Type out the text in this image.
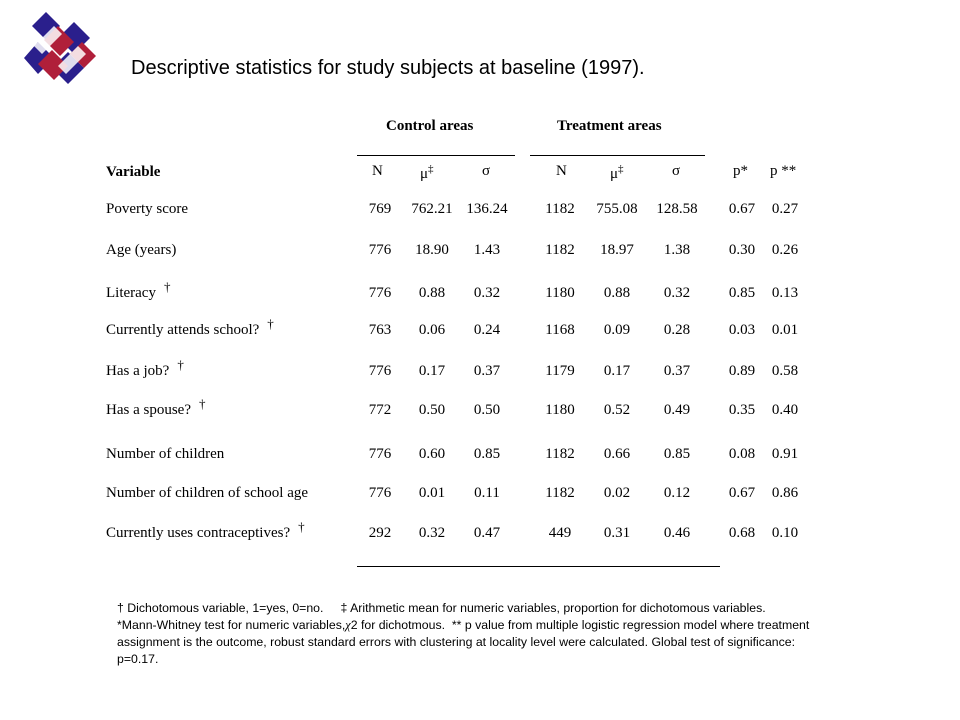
Descriptive statistics for study subjects at baseline (1997).
Control areas	Treatment areas
Variable	N μ‡	σ	N	μ‡	σ	p* p **
Poverty score	769	762.21 136.24	1182	755.08	128.58	0.67	0.27
Age (years)	776	18.90	1.43	1182	18.97	1.38	0.30	0.26
Literacy †	776	0.88	0.32	1180	0.88	0.32	0.85	0.13
Currently attends school? †	763	0.06	0.24	1168	0.09	0.28	0.03	0.01
Has a job? †	776	0.17	0.37	1179	0.17	0.37	0.89	0.58
Has a spouse? †	772	0.50	0.50	1180	0.52	0.49	0.35	0.40
Number of children	776	0.60	0.85	1182	0.66	0.85	0.08	0.91
Number of children of school age	776	0.01	0.11	1182	0.02	0.12	0.67	0.86
Currently uses contraceptives? †	292	0.32	0.47	449	0.31	0.46	0.68	0.10
† Dichotomous variable, 1=yes, 0=no. ‡ Arithmetic mean for numeric variables, proportion for dichotomous variables.       *Mann-Whitney test for numeric variables,χ2 for dichotmous. ** p value from multiple logistic regression model where treatment assignment is the outcome, robust standard errors with clustering at locality level were calculated. Global test of significance: p=0.17.
